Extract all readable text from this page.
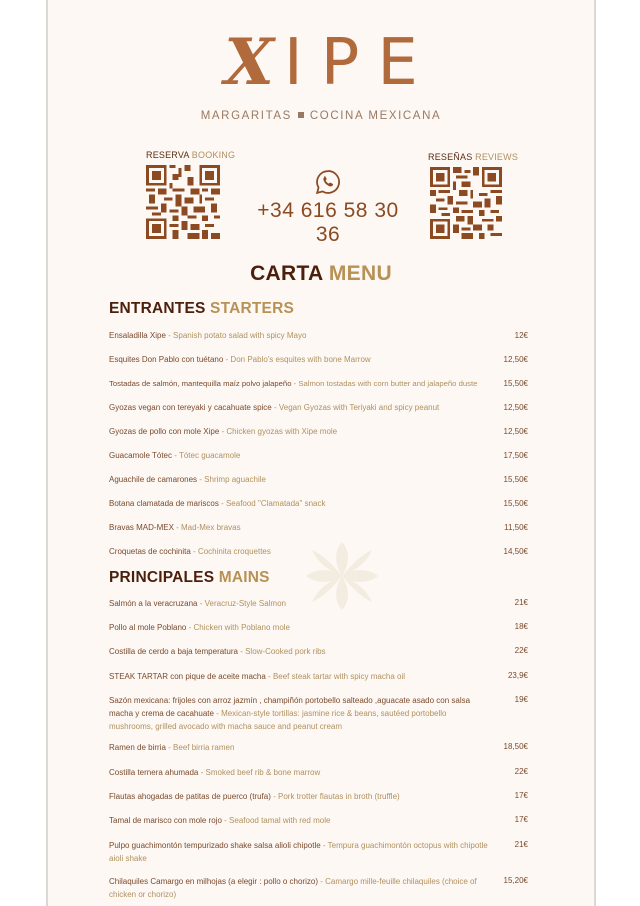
XIPE
MARGARITAS COCINA MEXICANA
RESERVA BOOKING
+34 616 58 30 36
RESEÑAS REVIEWS
CARTA MENU
ENTRANTES STARTERS
Ensaladilla Xipe - Spanish potato salad with spicy Mayo	12€
Esquites Don Pablo con tuétano - Don Pablo's esquites with bone Marrow	12,50€
Tostadas de salmón, mantequilla maíz polvo jalapeño - Salmon tostadas with corn butter and jalapeño duste	15,50€
Gyozas vegan con tereyaki y cacahuate spice - Vegan Gyozas with Teriyaki and spicy peanut	12,50€
Gyozas de pollo con mole Xipe - Chicken gyozas with Xipe mole	12,50€
Guacamole Tótec - Tótec guacamole	17,50€
Aguachile de camarones - Shrimp aguachile	15,50€
Botana clamatada de mariscos - Seafood "Clamatada" snack	15,50€
Bravas MAD-MEX - Mad-Mex bravas	11,50€
Croquetas de cochinita - Cochinita croquettes	14,50€
PRINCIPALES MAINS
Salmón a la veracruzana - Veracruz-Style Salmon	21€
Pollo al mole Poblano - Chicken with Poblano mole	18€
Costilla de cerdo a baja temperatura - Slow-Cooked pork ribs	22€
STEAK TARTAR con pique de aceite macha - Beef steak tartar with spicy macha oil	23,9€
Sazón mexicana: frijoles con arroz jazmín , champiñón portobello salteado ,aguacate asado con salsa macha y crema de cacahuate - Mexican-style tortillas: jasmine rice & beans, sautéed portobello mushrooms, grilled avocado with macha sauce and peanut cream
19€
Ramen de birria - Beef birria ramen	18,50€
Costilla ternera ahumada - Smoked beef rib & bone marrow	22€
Flautas ahogadas de patitas de puerco (trufa) - Pork trotter flautas in broth (truffle)	17€
Tamal de marisco con mole rojo - Seafood tamal with red mole	17€
Pulpo guachimontón tempurizado shake salsa alioli chipotle - Tempura guachimontón octopus with chipotle aioli shake
21€
Chilaquiles Camargo en milhojas (a elegir : pollo o chorizo) - Camargo mille-feuille chilaquiles (choice of chicken or chorizo)
15,20€
